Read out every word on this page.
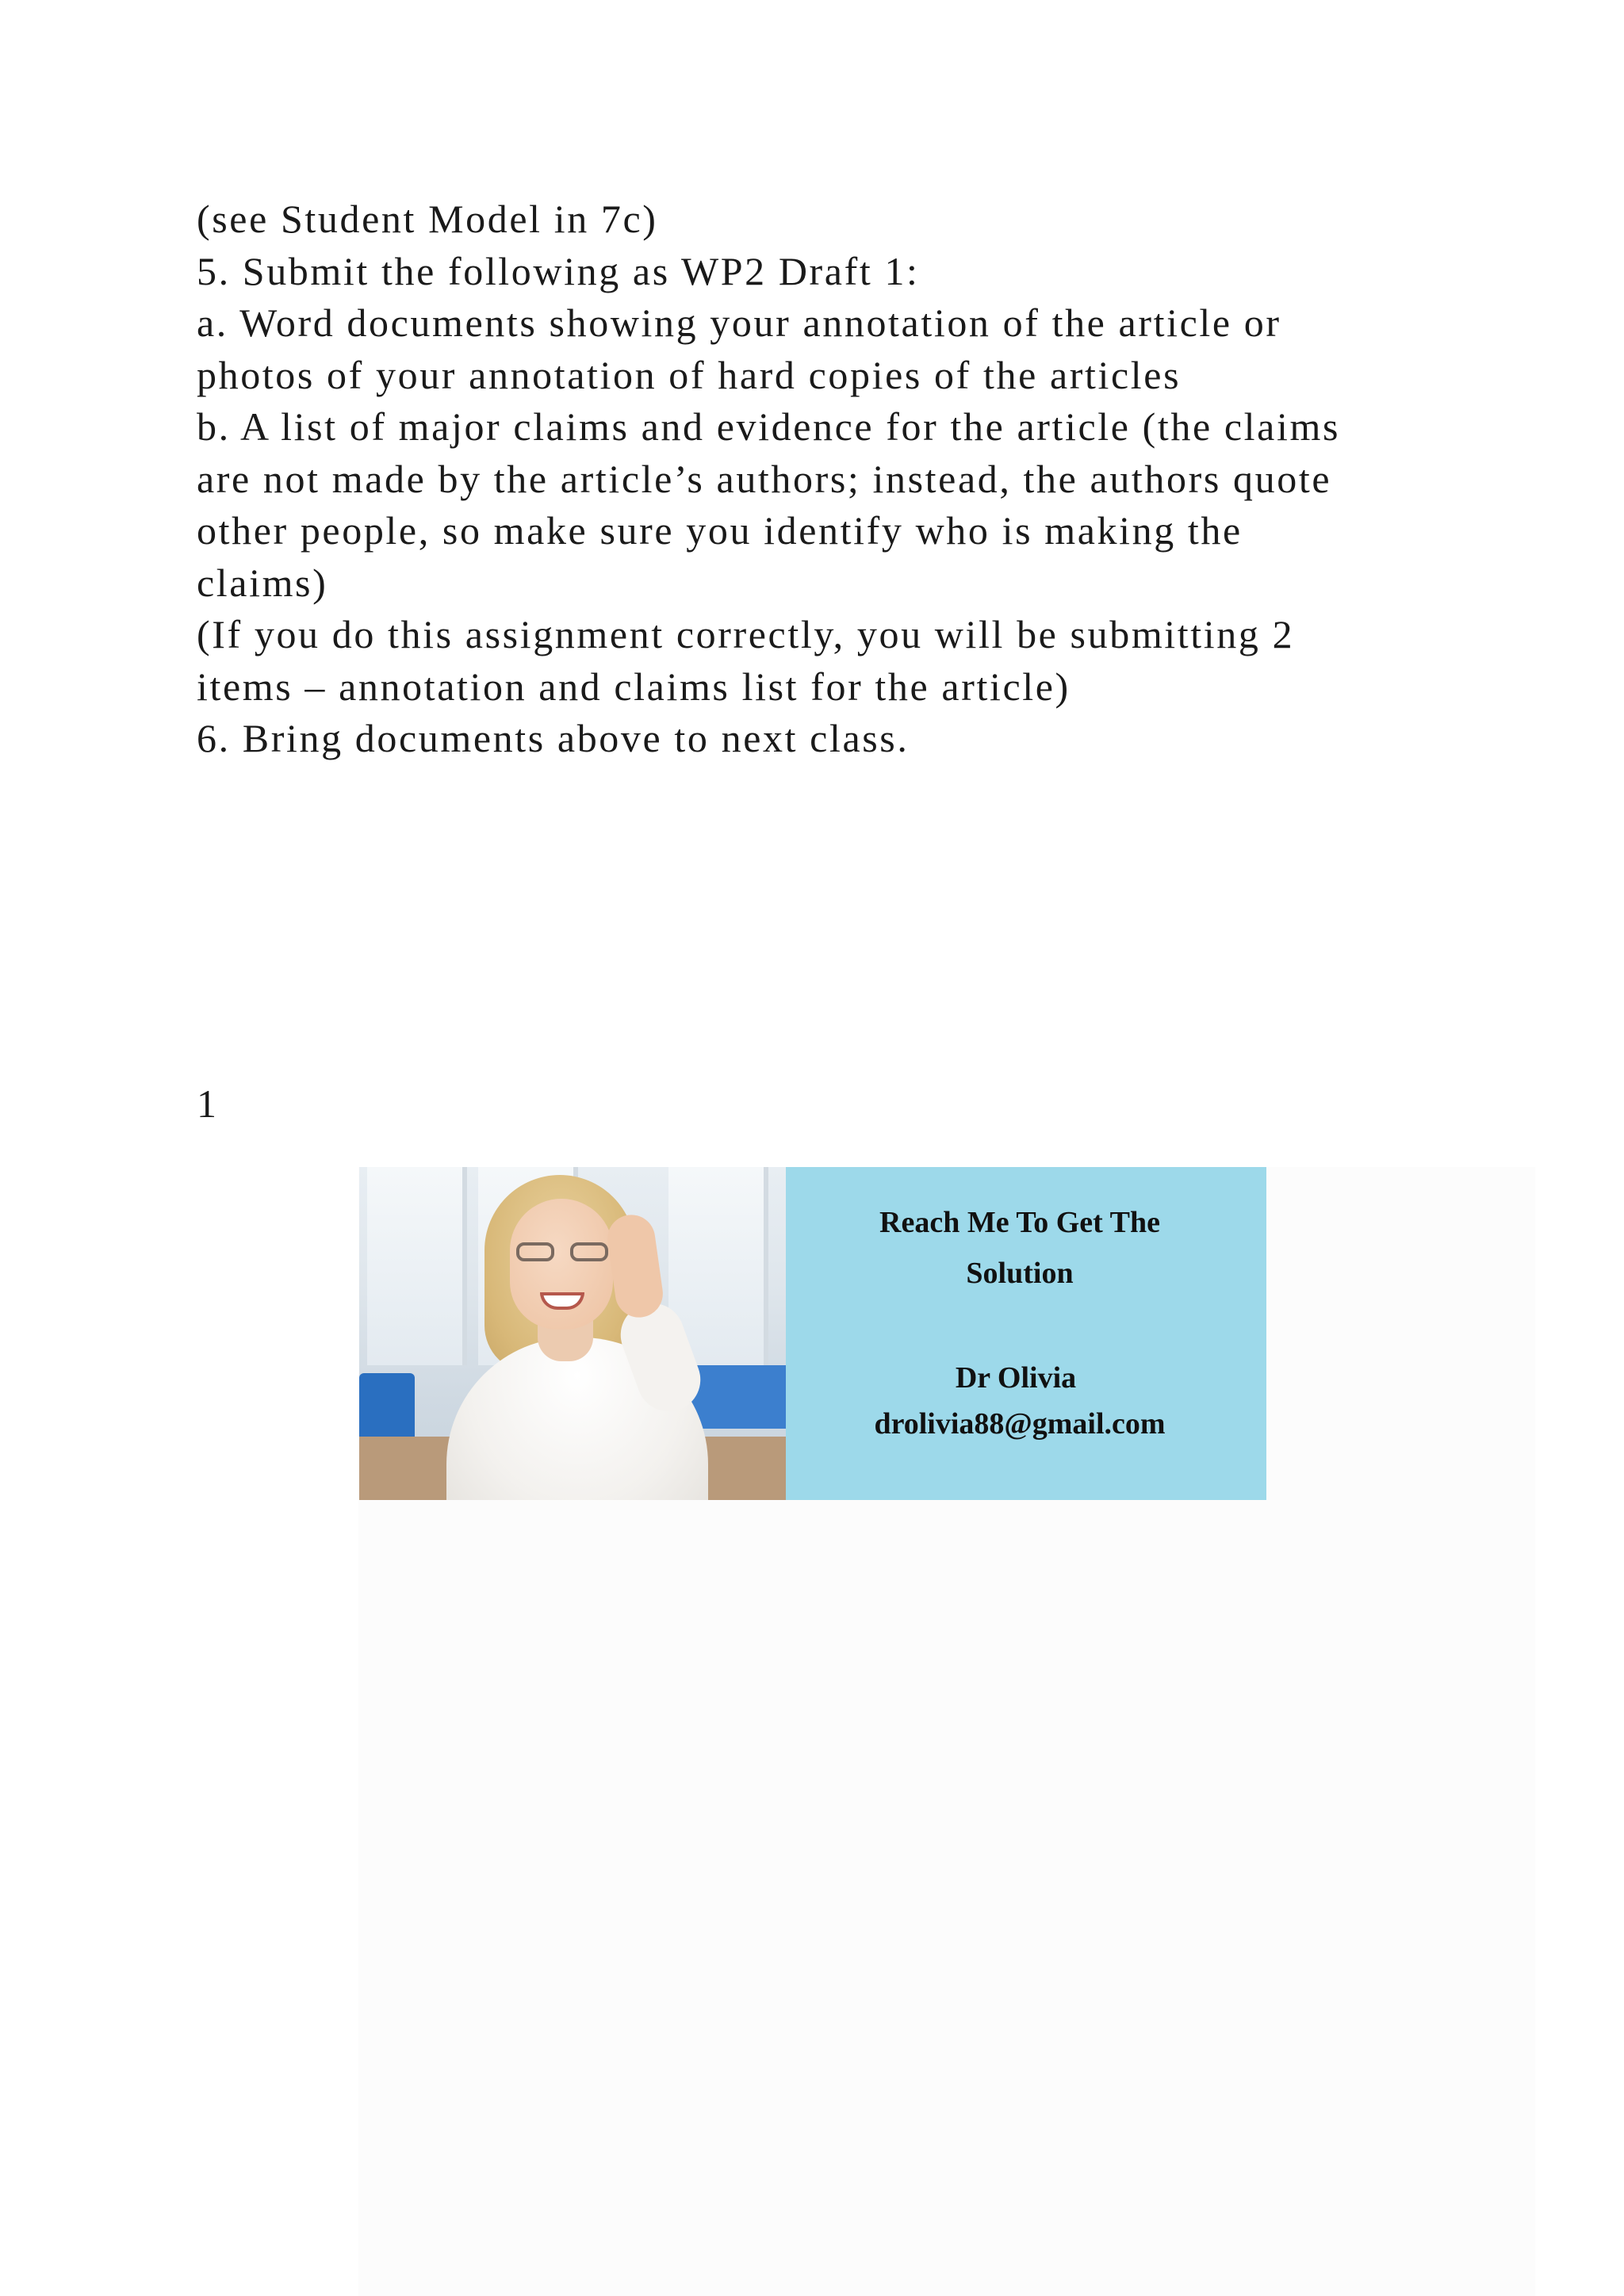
(see Student Model in 7c)
5. Submit the following as WP2 Draft 1:
a. Word documents showing your annotation of the article or
photos of your annotation of hard copies of the articles
b. A list of major claims and evidence for the article (the claims
are not made by the article’s authors; instead, the authors quote
other people, so make sure you identify who is making the
claims)
(If you do this assignment correctly, you will be submitting 2
items – annotation and claims list for the article)
6. Bring documents above to next class.
1
Reach Me To Get The
Solution
Dr Olivia
drolivia88@gmail.com
